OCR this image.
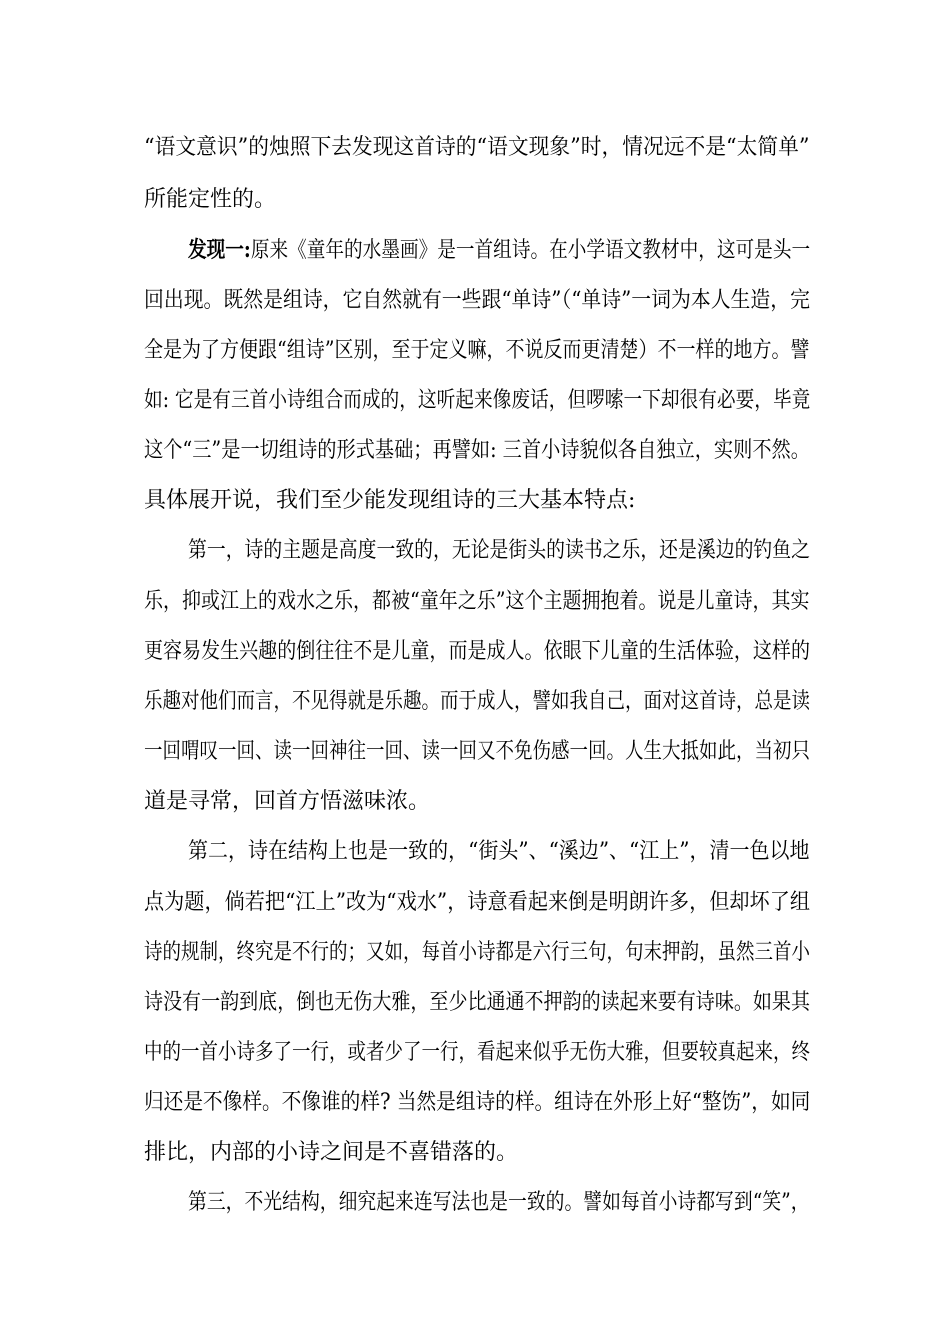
“语文意识”的烛照下去发现这首诗的“语文现象”时，情况远不是“太简单”
所能定性的。
发现一:原来《童年的水墨画》是一首组诗。在小学语文教材中，这可是头一
回出现。既然是组诗，它自然就有一些跟“单诗”（“单诗”一词为本人生造，完
全是为了方便跟“组诗”区别，至于定义嘛，不说反而更清楚）不一样的地方。譬
如: 它是有三首小诗组合而成的，这听起来像废话，但啰嗦一下却很有必要，毕竟
这个“三”是一切组诗的形式基础；再譬如: 三首小诗貌似各自独立，实则不然。
具体展开说，我们至少能发现组诗的三大基本特点:
第一，诗的主题是高度一致的，无论是街头的读书之乐，还是溪边的钓鱼之
乐，抑或江上的戏水之乐，都被“童年之乐”这个主题拥抱着。说是儿童诗，其实
更容易发生兴趣的倒往往不是儿童，而是成人。依眼下儿童的生活体验，这样的
乐趣对他们而言，不见得就是乐趣。而于成人，譬如我自己，面对这首诗，总是读
一回喟叹一回、读一回神往一回、读一回又不免伤感一回。人生大抵如此，当初只
道是寻常，回首方悟滋味浓。
第二，诗在结构上也是一致的，“街头”、“溪边”、“江上”，清一色以地
点为题，倘若把“江上”改为“戏水”，诗意看起来倒是明朗许多，但却坏了组
诗的规制，终究是不行的；又如，每首小诗都是六行三句，句末押韵，虽然三首小
诗没有一韵到底，倒也无伤大雅，至少比通通不押韵的读起来要有诗味。如果其
中的一首小诗多了一行，或者少了一行，看起来似乎无伤大雅，但要较真起来，终
归还是不像样。不像谁的样? 当然是组诗的样。组诗在外形上好“整饬”，如同
排比，内部的小诗之间是不喜错落的。
第三，不光结构，细究起来连写法也是一致的。譬如每首小诗都写到“笑”，
